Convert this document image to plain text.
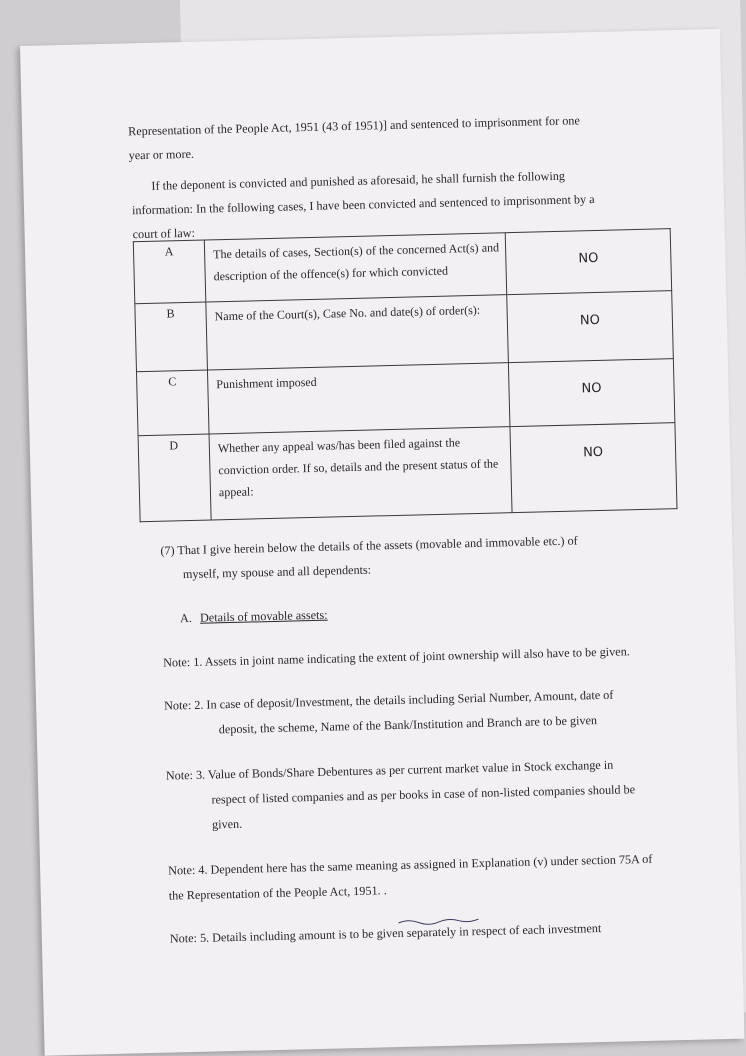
Representation of the People Act, 1951 (43 of 1951)] and sentenced to imprisonment for one
year or more.
If the deponent is convicted and punished as aforesaid, he shall furnish the following
information: In the following cases, I have been convicted and sentenced to imprisonment by a
court of law:
A	The details of cases, Section(s) of the concerned Act(s) and description of the offence(s) for which convicted	NO
B	Name of the Court(s), Case No. and date(s) of order(s):	NO
C	Punishment imposed	NO
D	Whether any appeal was/has been filed against the conviction order. If so, details and the present status of the appeal:	NO
(7) That I give herein below the details of the assets (movable and immovable etc.) of
myself, my spouse and all dependents:
A. Details of movable assets:
Note: 1. Assets in joint name indicating the extent of joint ownership will also have to be given.
Note: 2. In case of deposit/Investment, the details including Serial Number, Amount, date of
deposit, the scheme, Name of the Bank/Institution and Branch are to be given
Note: 3. Value of Bonds/Share Debentures as per current market value in Stock exchange in
respect of listed companies and as per books in case of non-listed companies should be
given.
Note: 4. Dependent here has the same meaning as assigned in Explanation (v) under section 75A of
the Representation of the People Act, 1951. .
Note: 5. Details including amount is to be given separately in respect of each investment
